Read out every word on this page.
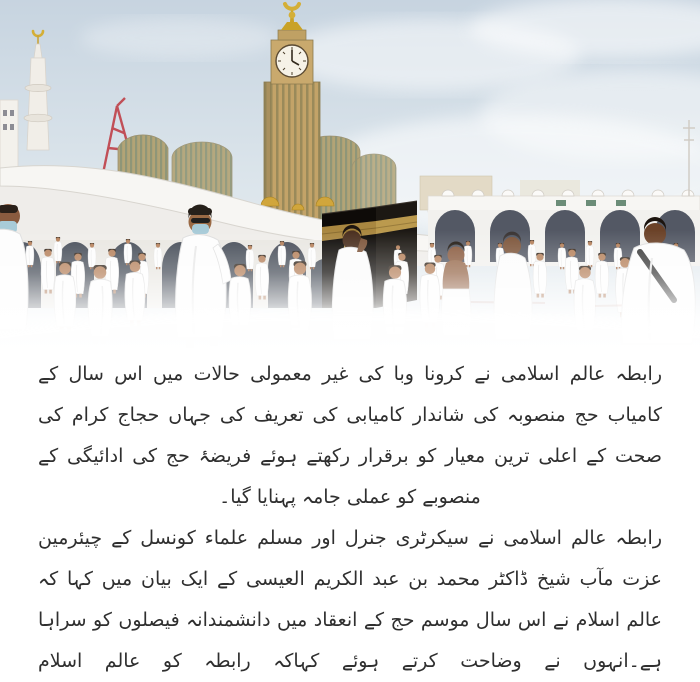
رابطہ عالم اسلامی نے کرونا وبا کی غیر معمولی حالات میں اس سال کے کامیاب حج منصوبہ کی شاندار کامیابی کی تعریف کی جہاں حجاج کرام کی صحت کے اعلی ترین معیار کو برقرار رکھتے ہوئے فریضۂ حج کی ادائیگی کے منصوبے کو عملی جامہ پہنایا گیا۔

رابطہ عالم اسلامی نے سیکرٹری جنرل اور مسلم علماء کونسل کے چیئرمین عزت مآب شیخ ڈاکٹر محمد بن عبد الکریم العیسی کے ایک بیان میں کہا کہ عالم اسلام نے اس سال موسم حج کے انعقاد میں دانشمندانہ فیصلوں کو سراہا ہے۔انہوں نے وضاحت کرتے ہوئے کہاکہ رابطہ کو عالم اسلام
